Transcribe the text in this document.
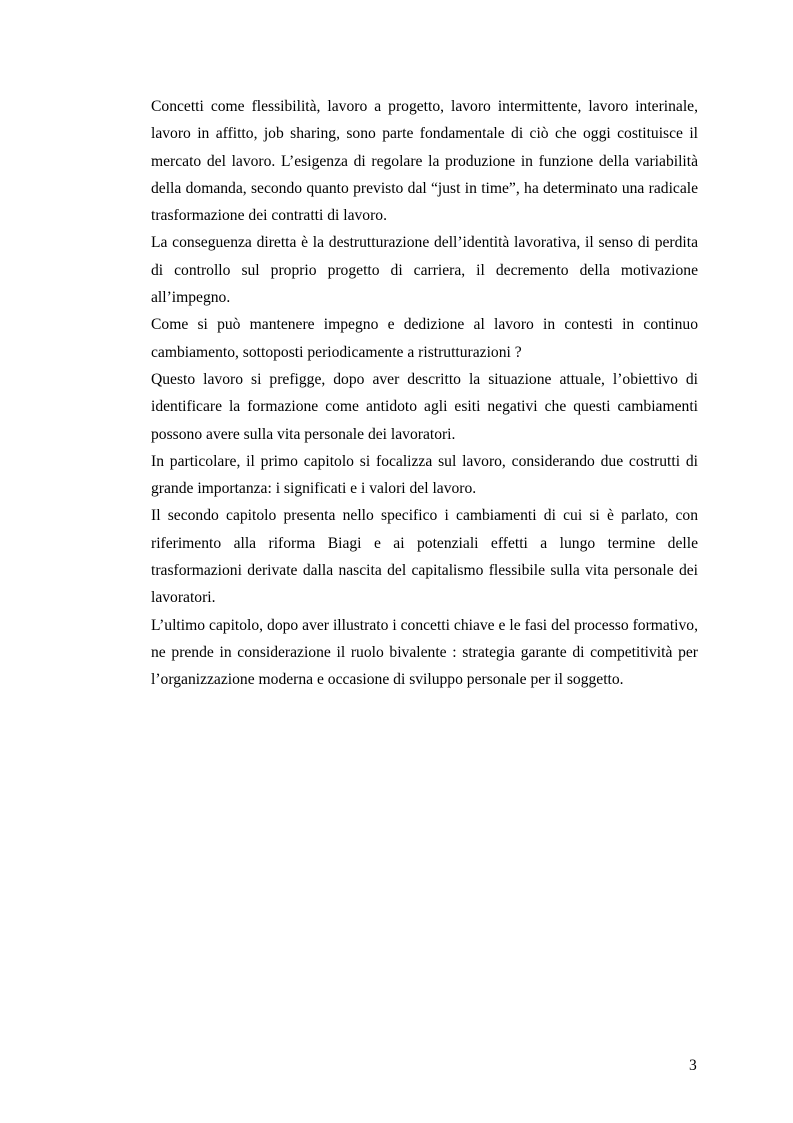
Concetti come flessibilità, lavoro a progetto, lavoro intermittente, lavoro interinale, lavoro in affitto, job sharing, sono parte fondamentale di ciò che oggi costituisce il mercato del lavoro. L’esigenza di regolare la produzione in funzione della variabilità della domanda, secondo quanto previsto dal “just in time”, ha determinato una radicale trasformazione dei contratti di lavoro.

La conseguenza diretta è la destrutturazione dell’identità lavorativa, il senso di perdita di controllo sul proprio progetto di carriera, il decremento della motivazione all’impegno.

Come si può mantenere impegno e dedizione al lavoro in contesti in continuo cambiamento, sottoposti periodicamente a ristrutturazioni ?

Questo lavoro si prefigge, dopo aver descritto la situazione attuale, l’obiettivo di identificare la formazione come antidoto agli esiti negativi che questi cambiamenti possono avere sulla vita personale dei lavoratori.

In particolare, il primo capitolo si focalizza sul lavoro, considerando due costrutti di grande importanza: i significati e i valori del lavoro.

Il secondo capitolo presenta nello specifico i cambiamenti di cui si è parlato, con riferimento alla riforma Biagi e ai potenziali effetti a lungo termine delle trasformazioni derivate dalla nascita del capitalismo flessibile sulla vita personale dei lavoratori.

L’ultimo capitolo, dopo aver illustrato i concetti chiave e le fasi del processo formativo, ne prende in considerazione il ruolo bivalente : strategia garante di competitività per l’organizzazione moderna e occasione di sviluppo personale per il soggetto.

3
